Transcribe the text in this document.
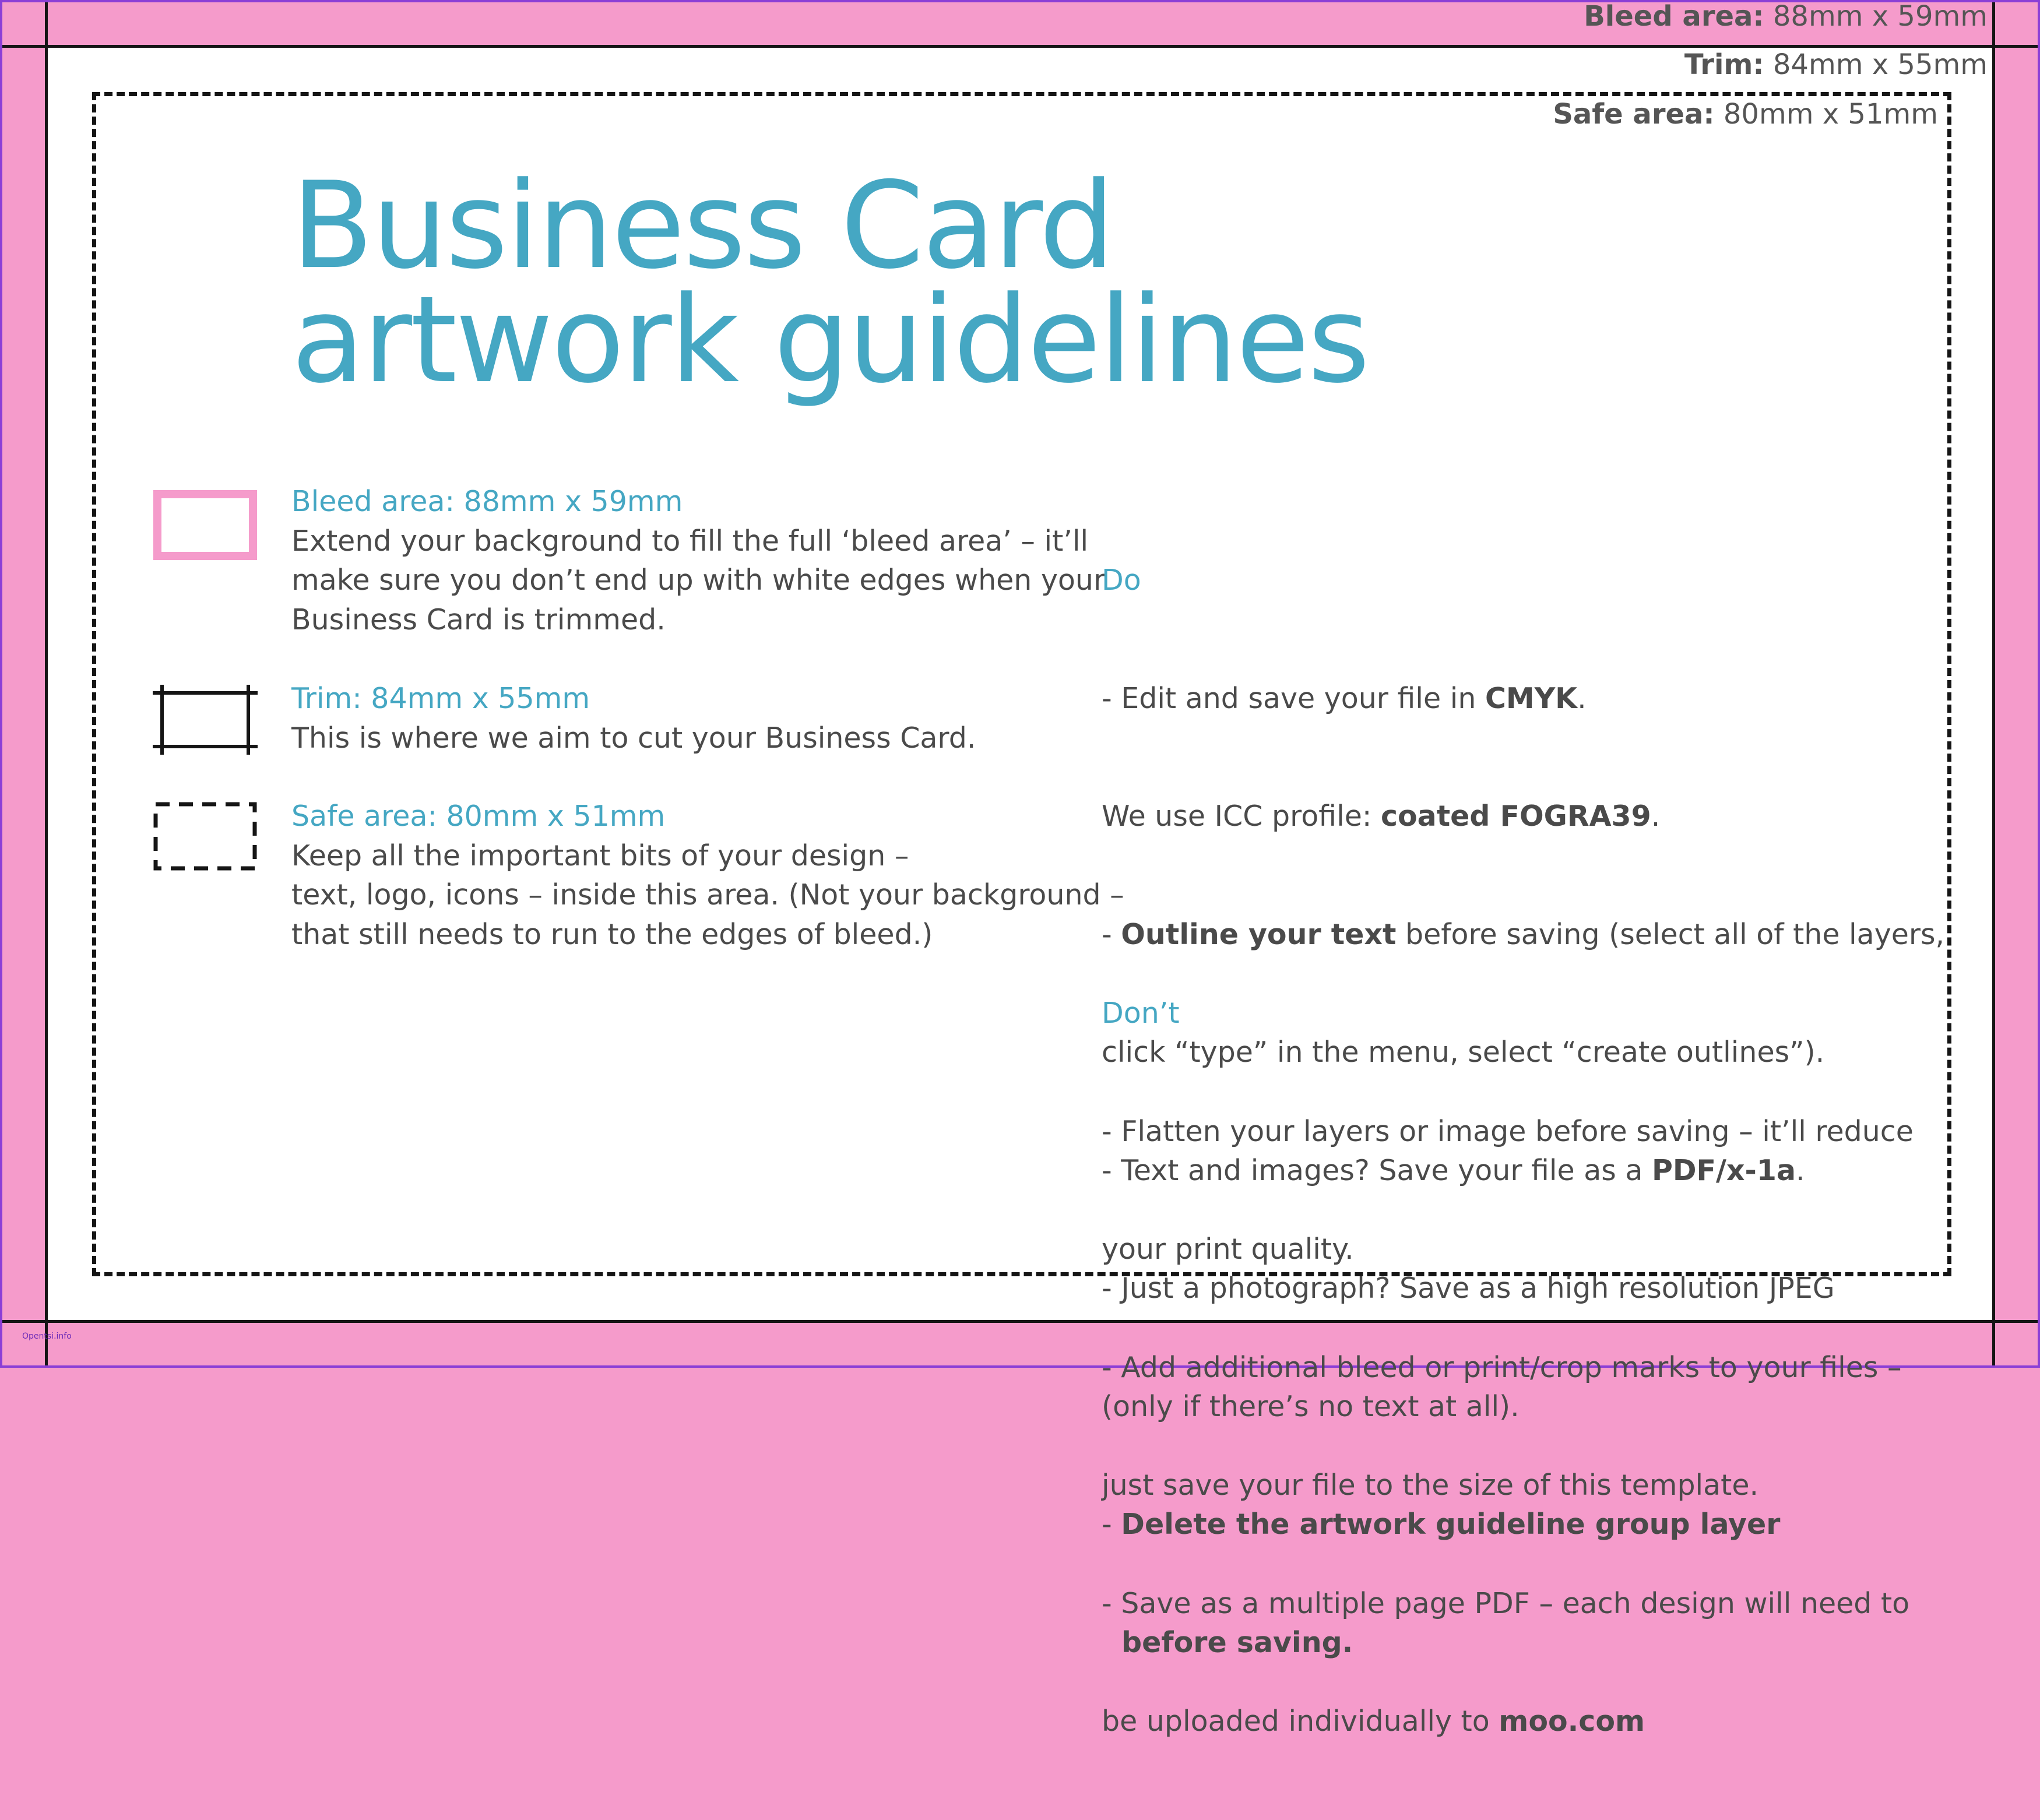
Bleed area: 88mm x 59mm
Trim: 84mm x 55mm
Safe area: 80mm x 51mm
Business Card
artwork guidelines
Bleed area: 88mm x 59mm
Extend your background to fill the full ‘bleed area’ – it’ll
make sure you don’t end up with white edges when your
Business Card is trimmed.
Trim: 84mm x 55mm
This is where we aim to cut your Business Card.
Safe area: 80mm x 51mm
Keep all the important bits of your design –
text, logo, icons – inside this area. (Not your background –
that still needs to run to the edges of bleed.)

Do

- Edit and save your file in CMYK.

We use ICC profile: coated FOGRA39.

- Outline your text before saving (select all of the layers,

click “type” in the menu, select “create outlines”).

- Text and images? Save your file as a PDF/x-1a.

- Just a photograph? Save as a high resolution JPEG

(only if there’s no text at all).

- Delete the artwork guideline group layer

before saving.

Don’t

- Flatten your layers or image before saving – it’ll reduce

your print quality.

- Add additional bleed or print/crop marks to your files –

just save your file to the size of this template.

- Save as a multiple page PDF – each design will need to

be uploaded individually to moo.com

Opentsi.info
